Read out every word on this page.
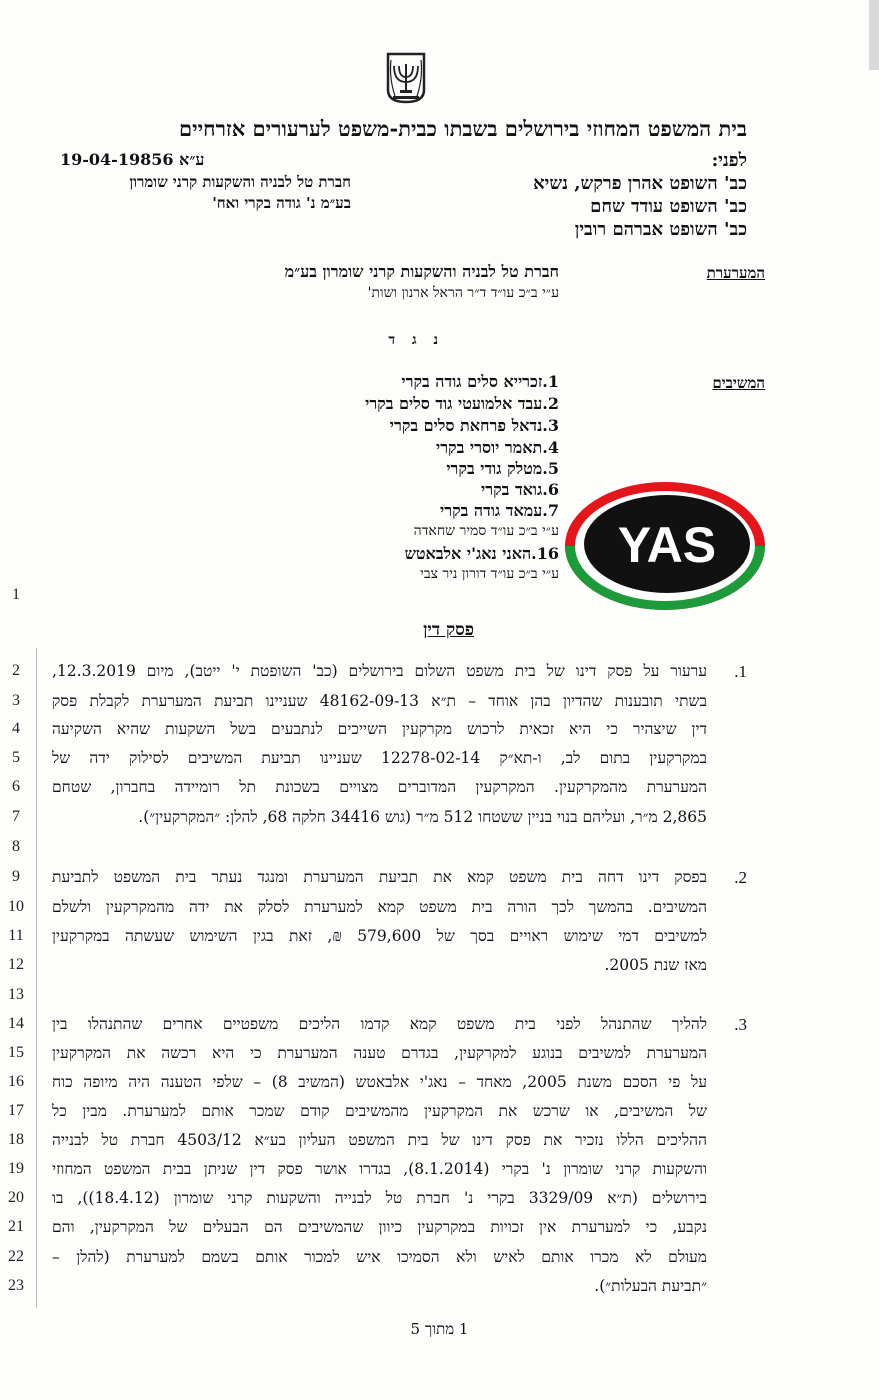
בית המשפט המחוזי בירושלים בשבתו כבית-משפט לערעורים אזרחיים
לפני:
כב' השופט אהרן פרקש, נשיא
כב' השופט עודד שחם
כב' השופט אברהם רובין
ע״א 19-04-19856
חברת טל לבניה והשקעות קרני שומרון
בע״מ נ' גודה בקרי ואח'
המערערת
חברת טל לבניה והשקעות קרני שומרון בע״מ
ע״י ב״כ עו״ד ד״ר הראל ארנון ושות'
נ ג ד
המשיבים
1.זכרייא סלים גודה בקרי
2.עבד אלמועטי גוד סלים בקרי
3.נדאל פרחאת סלים בקרי
4.תאמר יוסרי בקרי
5.מטלק גודי בקרי
6.גואד בקרי
7.עמאד גודה בקרי
ע״י ב״כ עו״ד סמיר שחאדה
16.האני נאג'י אלבאטש
ע״י ב״כ עו״ד דורון ניר צבי
YAS
פסק דין
1
2
3
4
5
6
7
8
9
10
11
12
13
14
15
16
17
18
19
20
21
22
23
.1
ערעור על פסק דינו של בית משפט השלום בירושלים (כב' השופטת י' ייטב), מיום 12.3.2019,
בשתי תובענות שהדיון בהן אוחד – ת״א 48162-09-13 שעניינו תביעת המערערת לקבלת פסק
דין שיצהיר כי היא זכאית לרכוש מקרקעין השייכים לנתבעים בשל השקעות שהיא השקיעה
במקרקעין בתום לב, ו-תא״ק 12278-02-14 שעניינו תביעת המשיבים לסילוק ידה של
המערערת מהמקרקעין. המקרקעין המדוברים מצויים בשכונת תל רומיידה בחברון, שטחם
2,865 מ״ר, ועליהם בנוי בניין ששטחו 512 מ״ר (גוש 34416 חלקה 68, להלן: ״המקרקעין״).
.2
בפסק דינו דחה בית משפט קמא את תביעת המערערת ומנגד נעתר בית המשפט לתביעת
המשיבים. בהמשך לכך הורה בית משפט קמא למערערת לסלק את ידה מהמקרקעין ולשלם
למשיבים דמי שימוש ראויים בסך של 579,600 ₪, זאת בגין השימוש שעשתה במקרקעין
מאז שנת 2005.
.3
להליך שהתנהל לפני בית משפט קמא קדמו הליכים משפטיים אחרים שהתנהלו בין
המערערת למשיבים בנוגע למקרקעין, בגדרם טענה המערערת כי היא רכשה את המקרקעין
על פי הסכם משנת 2005, מאחד – נאג'י אלבאטש (המשיב 8) – שלפי הטענה היה מיופה כוח
של המשיבים, או שרכש את המקרקעין מהמשיבים קודם שמכר אותם למערערת. מבין כל
ההליכים הללו נזכיר את פסק דינו של בית המשפט העליון בע״א 4503/12 חברת טל לבנייה
והשקעות קרני שומרון נ' בקרי (8.1.2014), בגדרו אושר פסק דין שניתן בבית המשפט המחוזי
בירושלים (ת״א 3329/09 בקרי נ' חברת טל לבנייה והשקעות קרני שומרון (18.4.12)), בו
נקבע, כי למערערת אין זכויות במקרקעין כיוון שהמשיבים הם הבעלים של המקרקעין, והם
מעולם לא מכרו אותם לאיש ולא הסמיכו איש למכור אותם בשמם למערערת (להלן –
״תביעת הבעלות״).
1 מתוך 5
